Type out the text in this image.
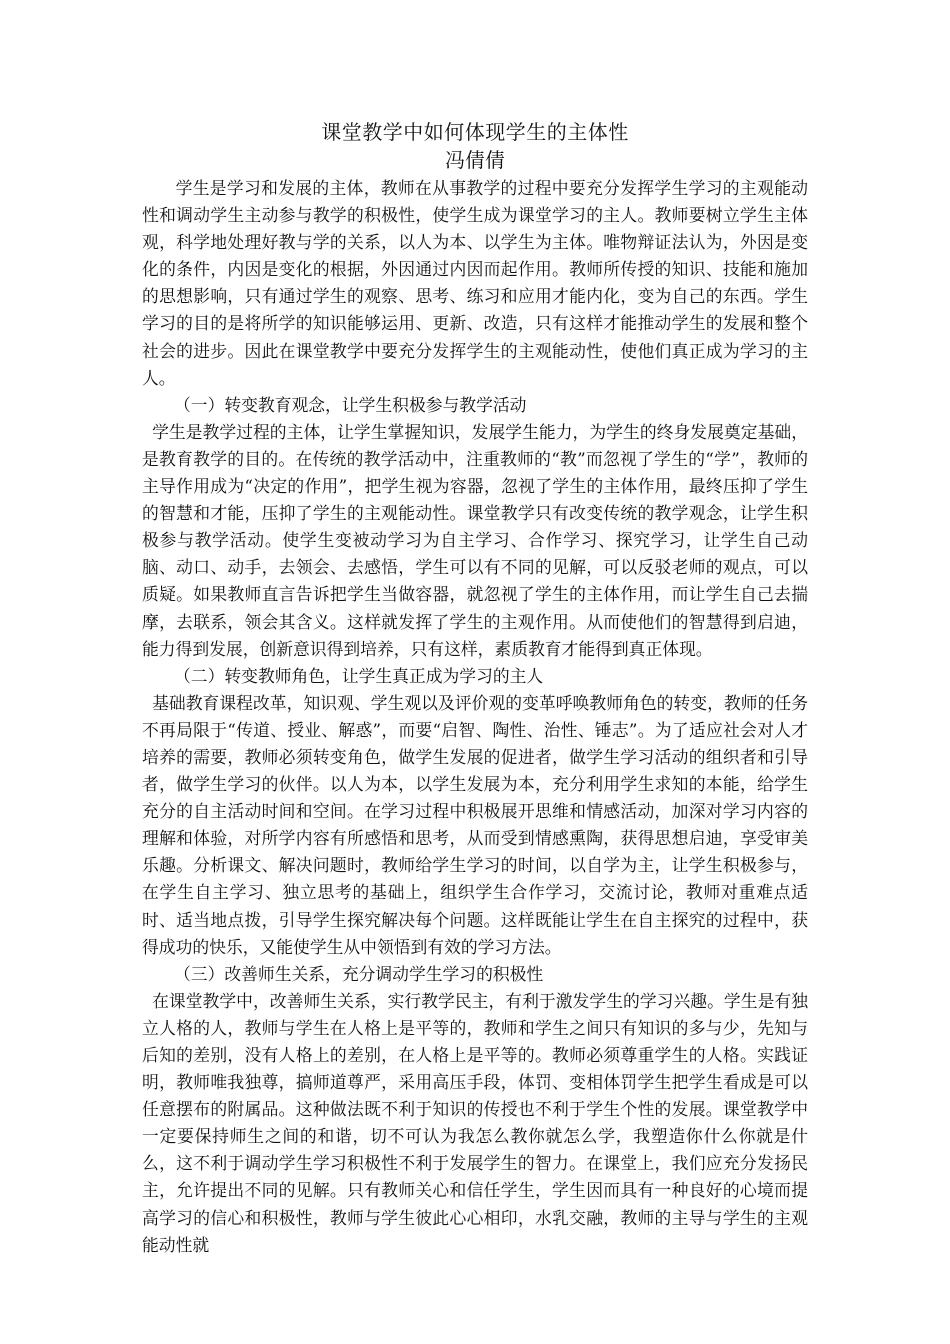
课堂教学中如何体现学生的主体性
冯倩倩

学生是学习和发展的主体，教师在从事教学的过程中要充分发挥学生学习的主观能动性和调动学生主动参与教学的积极性，使学生成为课堂学习的主人。教师要树立学生主体观，科学地处理好教与学的关系，以人为本、以学生为主体。唯物辩证法认为，外因是变化的条件，内因是变化的根据，外因通过内因而起作用。教师所传授的知识、技能和施加的思想影响，只有通过学生的观察、思考、练习和应用才能内化，变为自己的东西。学生学习的目的是将所学的知识能够运用、更新、改造，只有这样才能推动学生的发展和整个社会的进步。因此在课堂教学中要充分发挥学生的主观能动性，使他们真正成为学习的主人。

（一）转变教育观念，让学生积极参与教学活动

学生是教学过程的主体，让学生掌握知识，发展学生能力，为学生的终身发展奠定基础，是教育教学的目的。在传统的教学活动中，注重教师的“教”而忽视了学生的“学”，教师的主导作用成为“决定的作用”，把学生视为容器，忽视了学生的主体作用，最终压抑了学生的智慧和才能，压抑了学生的主观能动性。课堂教学只有改变传统的教学观念，让学生积极参与教学活动。使学生变被动学习为自主学习、合作学习、探究学习，让学生自己动脑、动口、动手，去领会、去感悟，学生可以有不同的见解，可以反驳老师的观点，可以质疑。如果教师直言告诉把学生当做容器，就忽视了学生的主体作用，而让学生自己去揣摩，去联系，领会其含义。这样就发挥了学生的主观作用。从而使他们的智慧得到启迪，能力得到发展，创新意识得到培养，只有这样，素质教育才能得到真正体现。

（二）转变教师角色，让学生真正成为学习的主人

基础教育课程改革，知识观、学生观以及评价观的变革呼唤教师角色的转变，教师的任务不再局限于“传道、授业、解惑”，而要“启智、陶性、治性、锤志”。为了适应社会对人才培养的需要，教师必须转变角色，做学生发展的促进者，做学生学习活动的组织者和引导者，做学生学习的伙伴。以人为本，以学生发展为本，充分利用学生求知的本能，给学生充分的自主活动时间和空间。在学习过程中积极展开思维和情感活动，加深对学习内容的理解和体验，对所学内容有所感悟和思考，从而受到情感熏陶，获得思想启迪，享受审美乐趣。分析课文、解决问题时，教师给学生学习的时间，以自学为主，让学生积极参与，在学生自主学习、独立思考的基础上，组织学生合作学习，交流讨论，教师对重难点适时、适当地点拨，引导学生探究解决每个问题。这样既能让学生在自主探究的过程中，获得成功的快乐，又能使学生从中领悟到有效的学习方法。

（三）改善师生关系，充分调动学生学习的积极性

在课堂教学中，改善师生关系，实行教学民主，有利于激发学生的学习兴趣。学生是有独立人格的人，教师与学生在人格上是平等的，教师和学生之间只有知识的多与少，先知与后知的差别，没有人格上的差别，在人格上是平等的。教师必须尊重学生的人格。实践证明，教师唯我独尊，搞师道尊严，采用高压手段，体罚、变相体罚学生把学生看成是可以任意摆布的附属品。这种做法既不利于知识的传授也不利于学生个性的发展。课堂教学中一定要保持师生之间的和谐，切不可认为我怎么教你就怎么学，我塑造你什么你就是什么，这不利于调动学生学习积极性不利于发展学生的智力。在课堂上，我们应充分发扬民主，允许提出不同的见解。只有教师关心和信任学生，学生因而具有一种良好的心境而提高学习的信心和积极性，教师与学生彼此心心相印，水乳交融，教师的主导与学生的主观能动性就
